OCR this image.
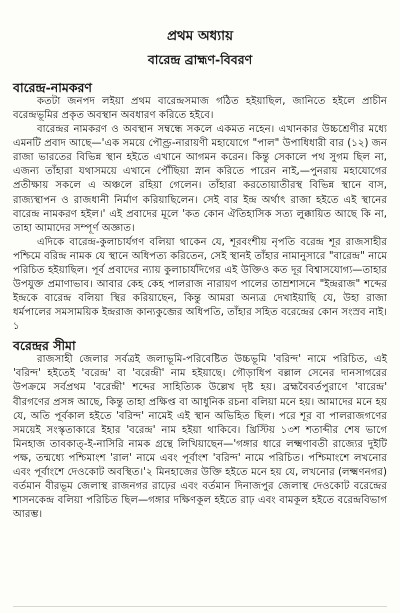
প্রথম অধ্যায়
বারেন্দ্র ব্রাহ্মণ-বিবরণ
বারেন্দ্র-নামকরণ

কতটা জনপদ লইয়া প্রথম বারেন্দ্রসমাজ গঠিত হইয়াছিল, জানিতে হইলে প্রাচীন বরেন্দ্রভূমির প্রকৃত অবস্থান অবধারণ করিতে হইবে।

বারেন্দ্রর নামকরণ ও অবস্থান সম্বন্ধে সকলে একমত নহেন। এখানকার উচ্চশ্রেণীর মধ্যে এমনটি প্রবাদ আছে—'এক সময়ে পৌণ্ড্র-নারায়ণী মহাযোগে "পাল" উপাধিধারী বার (১২) জন রাজা ভারতের বিভিন্ন স্থান হইতে এখানে আগমন করেন। কিন্তু সেকালে পথ সুগম ছিল না, এজন্য তাঁহারা যথাসময়ে এখানে পৌঁছিয়া স্নান করিতে পারেন নাই,—পুনরায় মহাযোগের প্রতীক্ষায় সকলে এ অঞ্চলে রহিয়া গেলেন। তাঁহারা করতোয়াতীরস্থ বিভিন্ন স্থানে বাস, রাজ্যস্থাপন ও রাজধানী নির্মাণ করিয়াছিলেন। সেই বার ইন্দ্র অর্থাৎ রাজা হইতে এই স্থানের বারেন্দ্র নামকরণ হইল।' এই প্রবাদের মূলে 'কত কোন ঐতিহাসিক সত্য লুক্কায়িত আছে কি না, তাহা আমাদের সম্পূর্ণ অজ্ঞাত।

এদিকে বারেন্দ্র-কুলাচার্যগণ বলিয়া থাকেন যে, শূরবংশীয় নৃপতি বরেন্দ্র শূর রাজসাহীর পশ্চিমে বরিন্দ্র নামক যে স্থানে অধিপত্য করিতেন, সেই স্থানই তাঁহার নামানুসারে "বারেন্দ্র" নামে পরিচিত হইয়াছিল। পূর্ব প্রবাদের ন্যায় কুলাচার্যদিগের এই উক্তিও কত দূর বিশ্বাসযোগ্য—তাহার উপযুক্ত প্রমাণাভাব। আবার কেহ কেহ পালরাজ নারায়ণ পালের তাম্রশাসনে "ইন্দ্ররাজ" শব্দের ইন্দ্রকে বারেন্দ্র বলিয়া স্থির করিয়াছেন, কিন্তু আমরা অন্যত্র দেখাইয়াছি যে, উহা রাজা ধর্মপালের সমসাময়িক ইন্দ্ররাজ কান্যকুব্জের অধিপতি, তাঁহার সহিত বরেন্দ্রের কোন সংস্রব নাই।১

বরেন্দ্রর সীমা

রাজসাহী জেলার সর্বত্রই জলাভূমি-পরিবেষ্টিত উচ্চভূমি 'বরিন্দ' নামে পরিচিত, এই 'বরিন্দ' হইতেই 'বরেন্দ্র' বা 'বরেন্দ্রী' নাম হইয়াছে। গৌড়াধিপ বল্লাল সেনের দানসাগরের উপক্রমে সর্বপ্রথম 'বরেন্দ্রী' শব্দের সাহিত্যিক উল্লেখ দৃষ্ট হয়। ব্রহ্মবৈবর্তপুরাণে 'বারেন্দ্র' বীরগণের প্রসঙ্গ আছে, কিন্তু তাহা প্রক্ষিপ্ত বা আধুনিক রচনা বলিয়া মনে হয়। আমাদের মনে হয় যে, অতি পূর্বকাল হইতে 'বরিন্দ' নামেই এই স্থান অভিহিত ছিল। পরে শূর বা পালরাজগণের সময়েই সংস্কৃতাকারে ইহার 'বরেন্দ্র' নাম হইয়া থাকিবে। খ্রিস্টিয় ১৩শ শতাব্দীর শেষ ভাগে মিনহাজ তাবকাত্-ই-নাসিরি নামক গ্রন্থে লিখিয়াছেন—'গঙ্গার ধারে লক্ষ্মণাবতী রাজ্যের দুইটি পক্ষ, তন্মধ্যে পশ্চিমাংশ 'রাল' নামে এবং পূর্বাংশ 'বরিন্দ' নামে পরিচিত। পশ্চিমাংশে লখনোর এবং পূর্বাংশে দেওকোট অবস্থিত।'২ মিনহাজের উক্তি হইতে মনে হয় যে, লখনোর (লক্ষ্মণনগর) বর্তমান বীরভূম জেলাস্থ রাজনগর রাঢ়ের এবং বর্তমান দিনাজপুর জেলাস্থ দেওকোট বরেন্দ্রের শাসনকেন্দ্র বলিয়া পরিচিত ছিল—গঙ্গার দক্ষিণকূল হইতে রাঢ় এবং বামকূল হইতে বরেন্দ্রবিভাগ আরম্ভ।
